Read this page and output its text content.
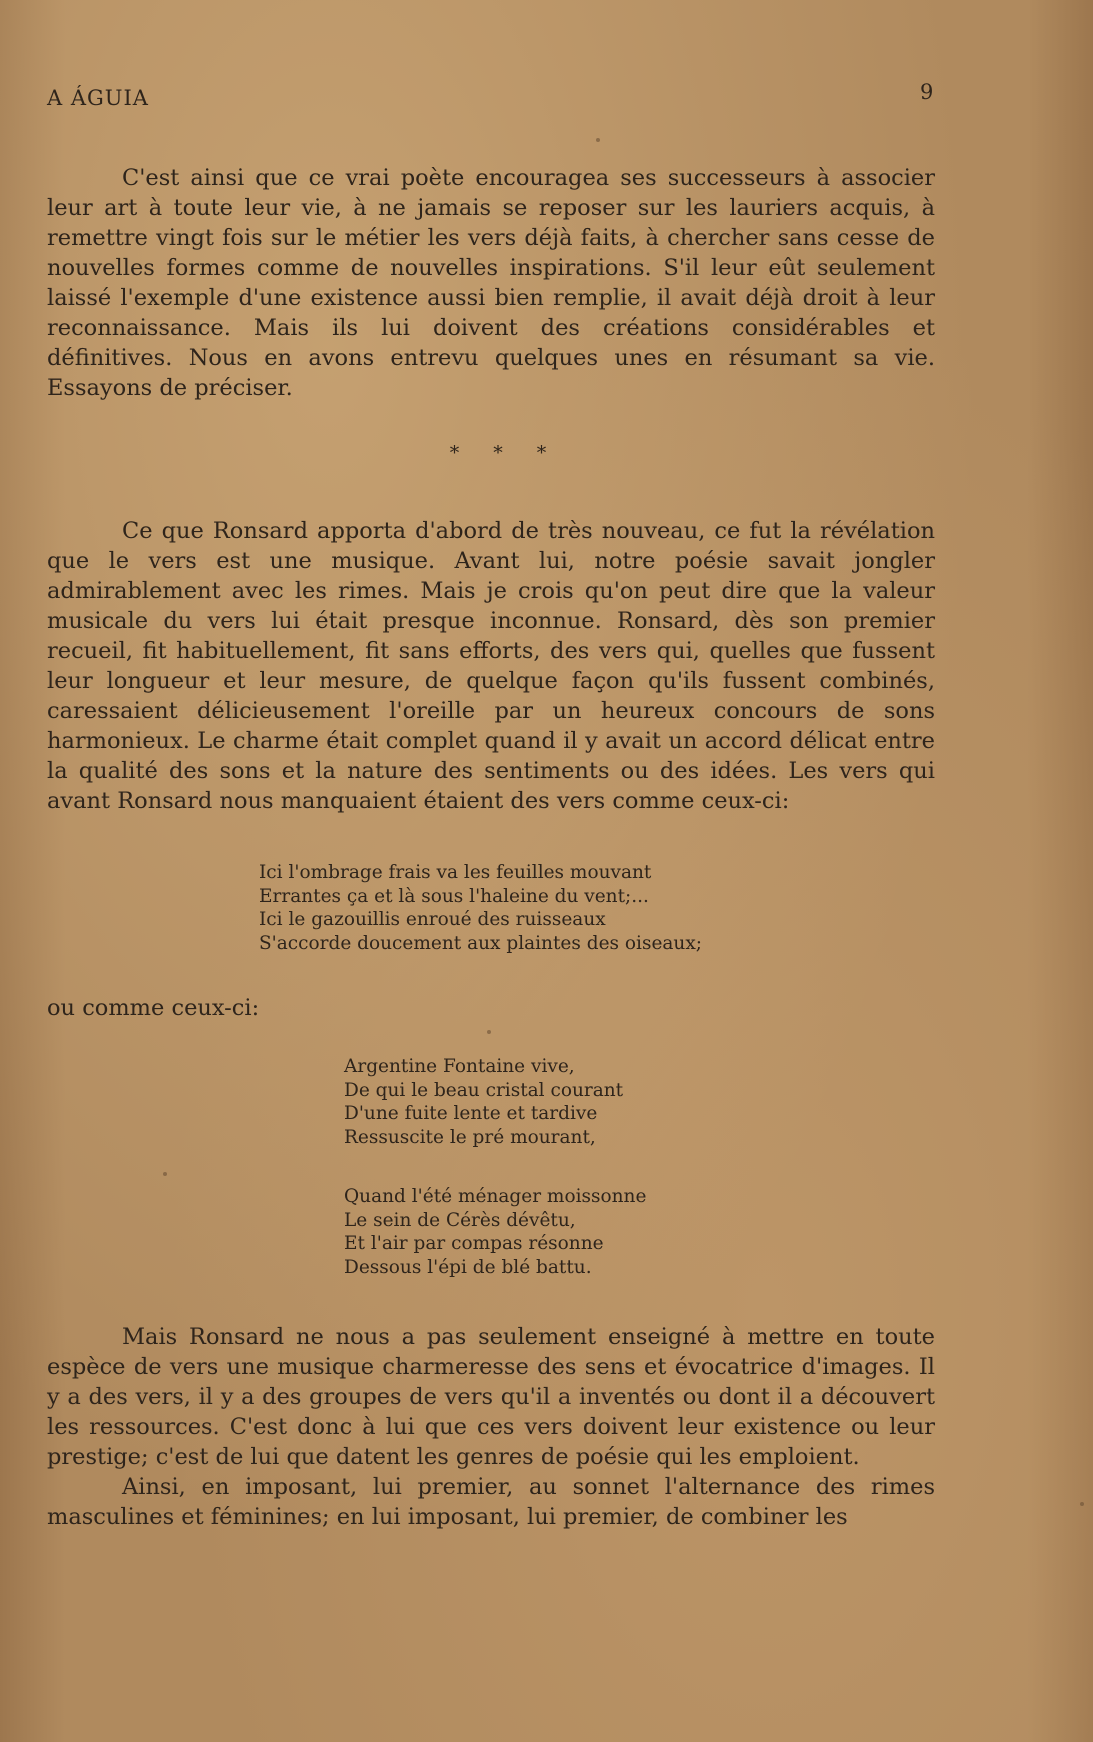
A ÁGUIA	9

C'est ainsi que ce vrai poète encouragea ses successeurs à associer leur art à toute leur vie, à ne jamais se reposer sur les lauriers acquis, à remettre vingt fois sur le métier les vers déjà faits, à chercher sans cesse de nouvelles formes comme de nouvelles inspirations. S'il leur eût seulement laissé l'exemple d'une existence aussi bien remplie, il avait déjà droit à leur reconnaissance. Mais ils lui doivent des créations considérables et définitives. Nous en avons entrevu quelques unes en résumant sa vie. Essayons de préciser.

* * *

Ce que Ronsard apporta d'abord de très nouveau, ce fut la révélation que le vers est une musique. Avant lui, notre poésie savait jongler admirablement avec les rimes. Mais je crois qu'on peut dire que la valeur musicale du vers lui était presque inconnue. Ronsard, dès son premier recueil, fit habituellement, fit sans efforts, des vers qui, quelles que fussent leur longueur et leur mesure, de quelque façon qu'ils fussent combinés, caressaient délicieusement l'oreille par un heureux concours de sons harmonieux. Le charme était complet quand il y avait un accord délicat entre la qualité des sons et la nature des sentiments ou des idées. Les vers qui avant Ronsard nous manquaient étaient des vers comme ceux-ci:

Ici l'ombrage frais va les feuilles mouvant
Errantes ça et là sous l'haleine du vent;...
Ici le gazouillis enroué des ruisseaux
S'accorde doucement aux plaintes des oiseaux;
ou comme ceux-ci:
Argentine Fontaine vive,
De qui le beau cristal courant
D'une fuite lente et tardive
Ressuscite le pré mourant,
Quand l'été ménager moissonne
Le sein de Cérès dévêtu,
Et l'air par compas résonne
Dessous l'épi de blé battu.

Mais Ronsard ne nous a pas seulement enseigné à mettre en toute espèce de vers une musique charmeresse des sens et évocatrice d'images. Il y a des vers, il y a des groupes de vers qu'il a inventés ou dont il a découvert les ressources. C'est donc à lui que ces vers doivent leur existence ou leur prestige; c'est de lui que datent les genres de poésie qui les emploient.

Ainsi, en imposant, lui premier, au sonnet l'alternance des rimes masculines et féminines; en lui imposant, lui premier, de combiner les
